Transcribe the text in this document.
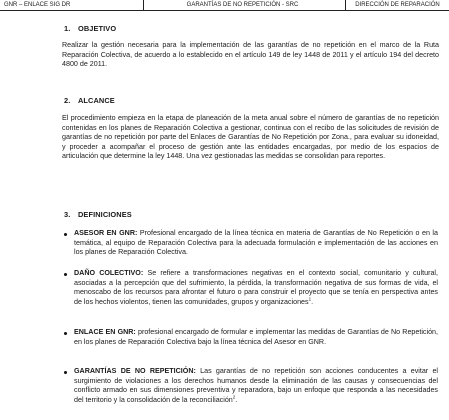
GNR – ENLACE SIG DR	GARANTÍAS DE NO REPETICIÓN - SRC	DIRECCIÓN DE REPARACIÓN
1. OBJETIVO
Realizar la gestión necesaria para la implementación de las garantías de no repetición en el marco de la Ruta Reparación Colectiva, de acuerdo a lo establecido en el artículo 149 de ley 1448 de 2011 y el artículo 194 del decreto 4800 de 2011.
2. ALCANCE
El procedimiento empieza en la etapa de planeación de la meta anual sobre el número de garantías de no repetición contenidas en los planes de Reparación Colectiva a gestionar, continua con el recibo de las solicitudes de revisión de garantías de no repetición por parte del Enlaces de Garantías de No Repetición por Zona., para evaluar su idoneidad, y proceder a acompañar el proceso de gestión ante las entidades encargadas, por medio de los espacios de articulación que determine la ley 1448. Una vez gestionadas las medidas se consolidan para reportes.
3. DEFINICIONES
ASESOR EN GNR: Profesional encargado de la línea técnica en materia de Garantías de No Repetición o en la temática, al equipo de Reparación Colectiva para la adecuada formulación e implementación de las acciones en los planes de Reparación Colectiva.
DAÑO COLECTIVO: Se refiere a transformaciones negativas en el contexto social, comunitario y cultural, asociadas a la percepción que del sufrimiento, la pérdida, la transformación negativa de sus formas de vida, el menoscabo de los recursos para afrontar el futuro o para construir el proyecto que se tenía en perspectiva antes de los hechos violentos, tienen las comunidades, grupos y organizaciones$^1$.
ENLACE EN GNR: profesional encargado de formular e implementar las medidas de Garantías de No Repetición, en los planes de Reparación Colectiva bajo la línea técnica del Asesor en GNR.
GARANTÍAS DE NO REPETICIÓN: Las garantías de no repetición son acciones conducentes a evitar el surgimiento de violaciones a los derechos humanos desde la eliminación de las causas y consecuencias del conflicto armado en sus dimensiones preventiva y reparadora, bajo un enfoque que responda a las necesidades del territorio y la consolidación de la reconciliación$^2$.
